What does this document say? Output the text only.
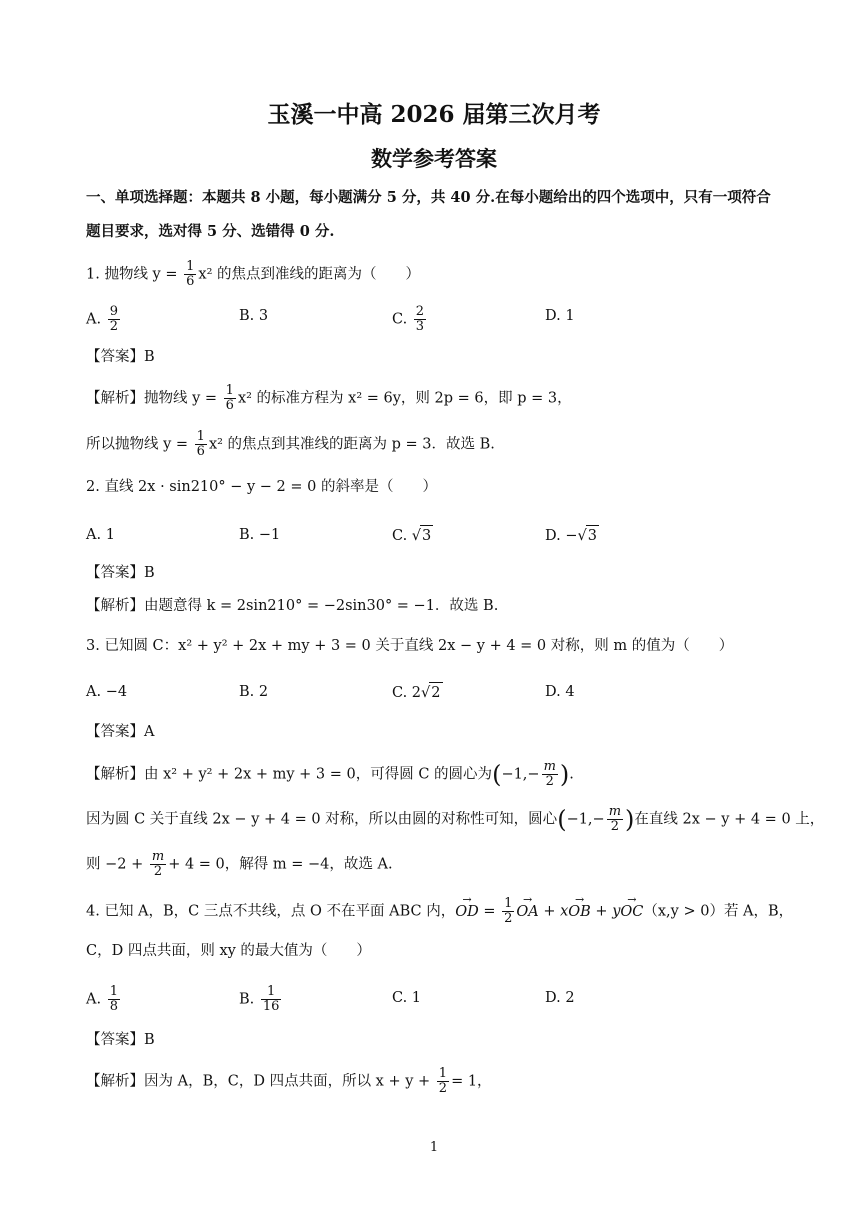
玉溪一中高 2026 届第三次月考
数学参考答案
一、单项选择题：本题共 8 小题，每小题满分 5 分，共 40 分.在每小题给出的四个选项中，只有一项符合
题目要求，选对得 5 分、选错得 0 分.
1. 抛物线 $y = \frac{1}{6} x^2$ 的焦点到准线的距离为（　　）
A. $\frac{9}{2}$	B. 3	C. $\frac{2}{3}$	D. 1
【答案】B
【解析】抛物线 $y = \frac{1}{6} x^2$ 的标准方程为 x² = 6y，则 2p = 6，即 p = 3，
所以抛物线 $y = \frac{1}{6} x^2$ 的焦点到其准线的距离为 p = 3．故选 B.
2. 直线 2x · sin210° − y − 2 = 0 的斜率是（　　）
A. 1	B. −1	C. √3	D. −√3
【答案】B
【解析】由题意得 k = 2sin210° = −2sin30° = −1．故选 B.
3. 已知圆 C：x² + y² + 2x + my + 3 = 0 关于直线 2x − y + 4 = 0 对称，则 m 的值为（　　）
A. −4	B. 2	C. 2√2	D. 4
【答案】A
【解析】由 x² + y² + 2x + my + 3 = 0，可得圆 C 的圆心为($-1,- \frac{m}{2}$ ).
因为圆 C 关于直线 2x − y + 4 = 0 对称，所以由圆的对称性可知，圆心($-1,- \frac{m}{2}$ )在直线 2x − y + 4 = 0 上，
则 $-2 + \frac{m}{2} + 4 = 0$，解得 m = −4，故选 A.
4. 已知 A，B，C 三点不共线，点 O 不在平面 ABC 内，→ OD = $\frac{1}{2}$
→ OA + x→ OB + y→ OC（x,y > 0）若 A，B，
C，D 四点共面，则 xy 的最大值为（　　）
A. $\frac{1}{8}$	B. $\frac{1}{16}$	C. 1	D. 2
【答案】B
【解析】因为 A，B，C，D 四点共面，所以 $x + y + \frac{1}{2} = 1$，
1
